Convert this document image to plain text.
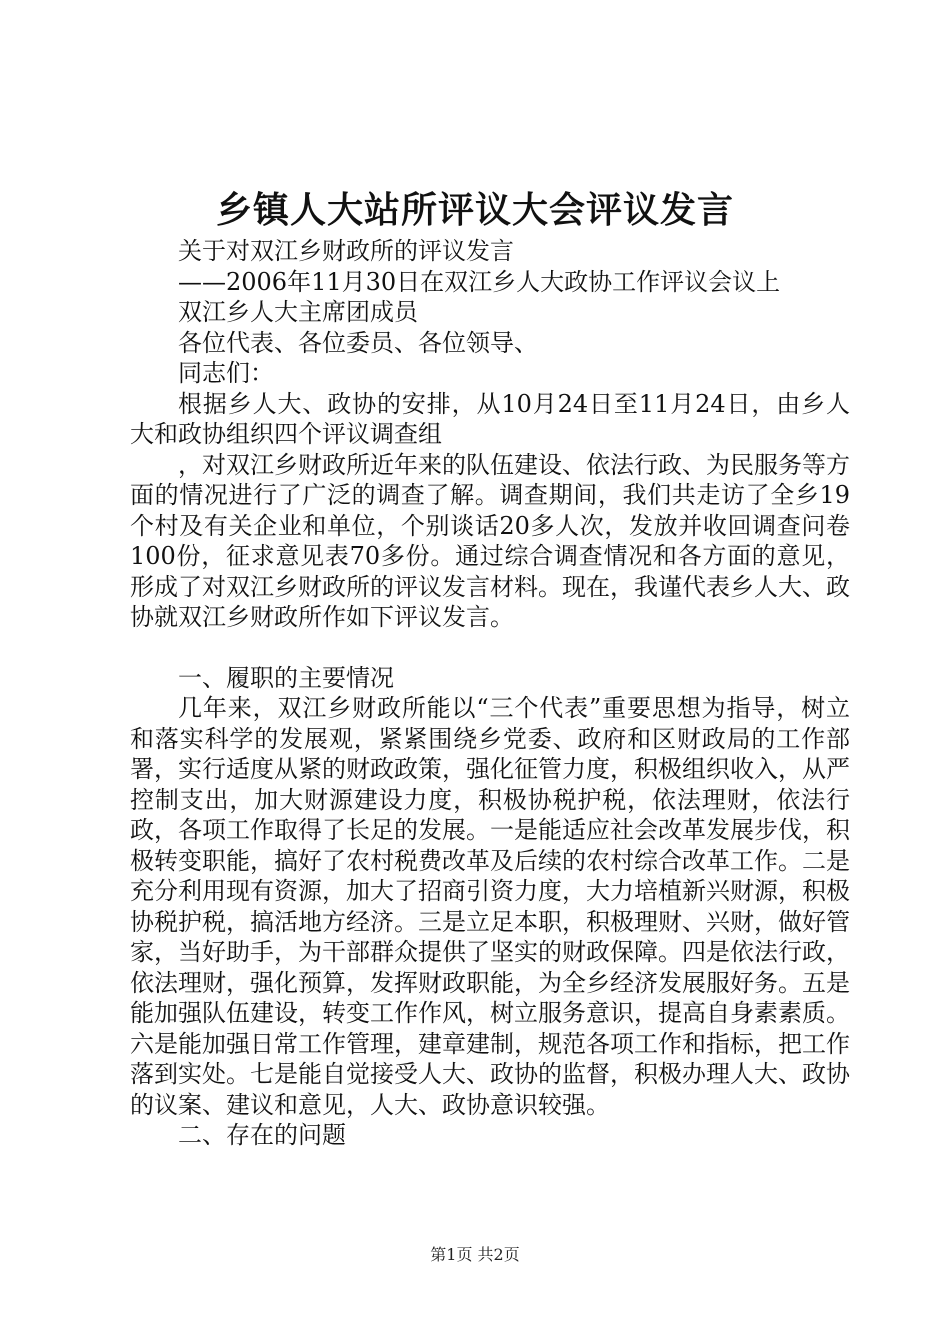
乡镇人大站所评议大会评议发言

关于对双江乡财政所的评议发言

——2006年11月30日在双江乡人大政协工作评议会议上

双江乡人大主席团成员

各位代表、各位委员、各位领导、

同志们：

根据乡人大、政协的安排，从10月24日至11月24日，由乡人大和政协组织四个评议调查组

，对双江乡财政所近年来的队伍建设、依法行政、为民服务等方面的情况进行了广泛的调查了解。调查期间，我们共走访了全乡19个村及有关企业和单位，个别谈话20多人次，发放并收回调查问卷100份，征求意见表70多份。通过综合调查情况和各方面的意见，形成了对双江乡财政所的评议发言材料。现在，我谨代表乡人大、政协就双江乡财政所作如下评议发言。

一、履职的主要情况

几年来，双江乡财政所能以“三个代表”重要思想为指导，树立和落实科学的发展观，紧紧围绕乡党委、政府和区财政局的工作部署，实行适度从紧的财政政策，强化征管力度，积极组织收入，从严控制支出，加大财源建设力度，积极协税护税，依法理财，依法行政，各项工作取得了长足的发展。一是能适应社会改革发展步伐，积极转变职能，搞好了农村税费改革及后续的农村综合改革工作。二是充分利用现有资源，加大了招商引资力度，大力培植新兴财源，积极协税护税，搞活地方经济。三是立足本职，积极理财、兴财，做好管家，当好助手，为干部群众提供了坚实的财政保障。四是依法行政，依法理财，强化预算，发挥财政职能，为全乡经济发展服好务。五是能加强队伍建设，转变工作作风，树立服务意识，提高自身素素质。六是能加强日常工作管理，建章建制，规范各项工作和指标，把工作落到实处。七是能自觉接受人大、政协的监督，积极办理人大、政协的议案、建议和意见，人大、政协意识较强。

二、存在的问题

第1页 共2页
